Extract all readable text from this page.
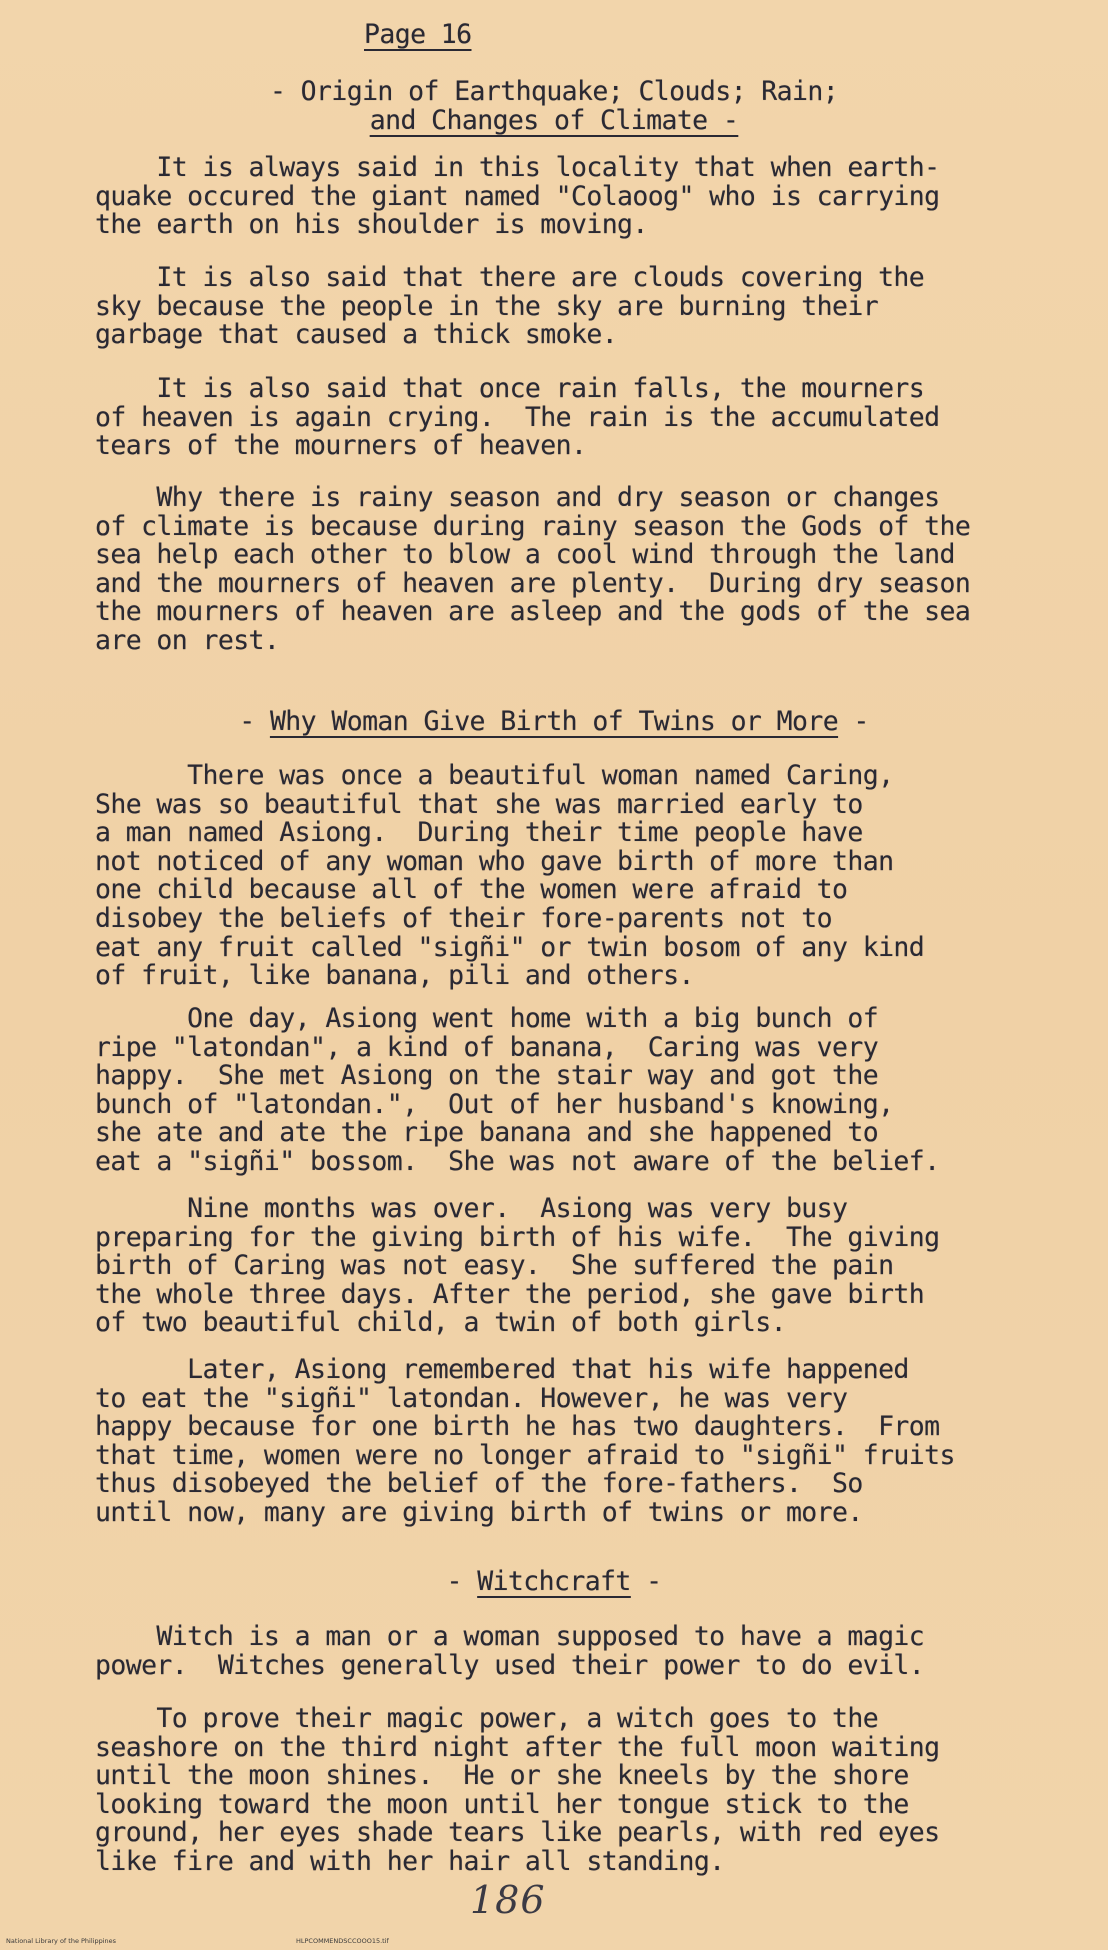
Page 16
- Origin of Earthquake; Clouds; Rain;
and Changes of Climate -
It is always said in this locality that when earth-
quake occured the giant named "Colaoog" who is carrying
the earth on his shoulder is moving.
It is also said that there are clouds covering the
sky because the people in the sky are burning their
garbage that caused a thick smoke.
It is also said that once rain falls, the mourners
of heaven is again crying.  The rain is the accumulated
tears of the mourners of heaven.
Why there is rainy season and dry season or changes
of climate is because during rainy season the Gods of the
sea help each other to blow a cool wind through the land
and the mourners of heaven are plenty.  During dry season
the mourners of heaven are asleep and the gods of the sea
are on rest.
- Why Woman Give Birth of Twins or More -
There was once a beautiful woman named Caring,
She was so beautiful that she was married early to
a man named Asiong.  During their time people have
not noticed of any woman who gave birth of more than
one child because all of the women were afraid to
disobey the beliefs of their fore-parents not to
eat any fruit called "sigñi" or twin bosom of any kind
of fruit, like banana, pili and others.
One day, Asiong went home with a big bunch of
ripe "latondan", a kind of banana,  Caring was very
happy.  She met Asiong on the stair way and got the
bunch of "latondan.",  Out of her husband's knowing,
she ate and ate the ripe banana and she happened to
eat a "sigñi" bossom.  She was not aware of the belief.
Nine months was over.  Asiong was very busy
preparing for the giving birth of his wife.  The giving
birth of Caring was not easy.  She suffered the pain
the whole three days. After the period, she gave birth
of two beautiful child, a twin of both girls.
Later, Asiong remembered that his wife happened
to eat the "sigñi" latondan. However, he was very
happy because for one birth he has two daughters.  From
that time, women were no longer afraid to "sigñi" fruits
thus disobeyed the belief of the fore-fathers.  So
until now, many are giving birth of twins or more.
- Witchcraft -
Witch is a man or a woman supposed to have a magic
power.  Witches generally used their power to do evil.
To prove their magic power, a witch goes to the
seashore on the third night after the full moon waiting
until the moon shines.  He or she kneels by the shore
looking toward the moon until her tongue stick to the
ground, her eyes shade tears like pearls, with red eyes
like fire and with her hair all standing.
186
National Library of the Philippines	HLPCOMMENDSCCOOO15.tif
